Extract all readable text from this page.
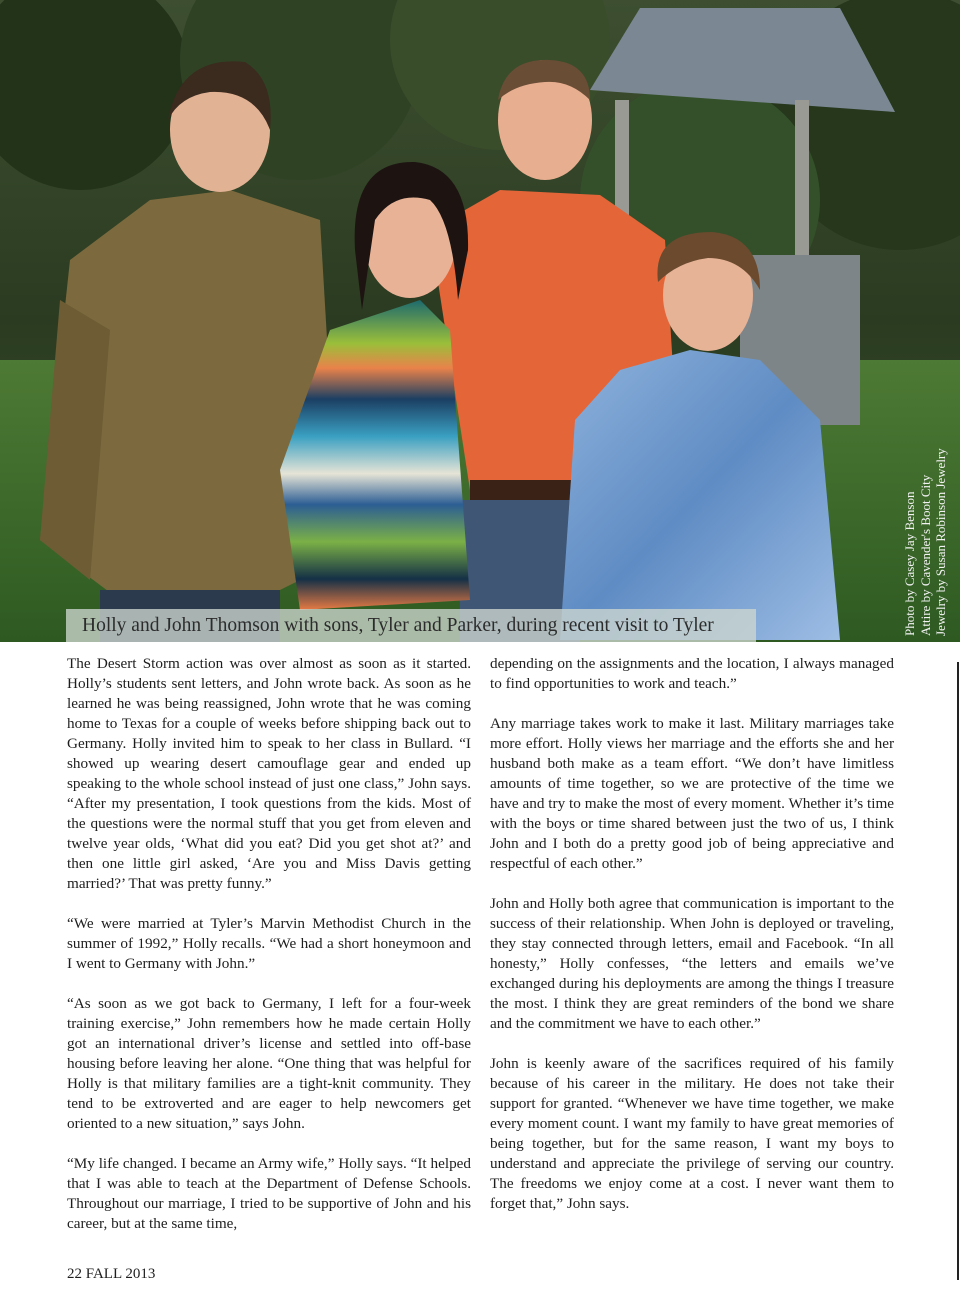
Holly and John Thomson with sons, Tyler and Parker, during recent visit to Tyler	Photo by Casey Jay Benson Attire by Cavender's Boot City Jewelry by Susan Robinson Jewelry

The Desert Storm action was over almost as soon as it started. Holly’s students sent letters, and John wrote back. As soon as he learned he was being reassigned, John wrote that he was coming home to Texas for a couple of weeks before shipping back out to Germany. Holly invited him to speak to her class in Bullard. “I showed up wearing desert camouflage gear and ended up speaking to the whole school instead of just one class,” John says. “After my presentation, I took questions from the kids. Most of the questions were the normal stuff that you get from eleven and twelve year olds, ‘What did you eat? Did you get shot at?’ and then one little girl asked, ‘Are you and Miss Davis getting married?’ That was pretty funny.”

“We were married at Tyler’s Marvin Methodist Church in the summer of 1992,” Holly recalls. “We had a short honeymoon and I went to Germany with John.”

“As soon as we got back to Germany, I left for a four-week training exercise,” John remembers how he made certain Holly got an international driver’s license and settled into off-base housing before leaving her alone. “One thing that was helpful for Holly is that military families are a tight-knit community. They tend to be extroverted and are eager to help newcomers get oriented to a new situation,” says John.

“My life changed. I became an Army wife,” Holly says. “It helped that I was able to teach at the Department of Defense Schools. Throughout our marriage, I tried to be supportive of John and his career, but at the same time,

depending on the assignments and the location, I always managed to find opportunities to work and teach.”

Any marriage takes work to make it last. Military marriages take more effort. Holly views her marriage and the efforts she and her husband both make as a team effort. “We don’t have limitless amounts of time together, so we are protective of the time we have and try to make the most of every moment. Whether it’s time with the boys or time shared between just the two of us, I think John and I both do a pretty good job of being appreciative and respectful of each other.”

John and Holly both agree that communication is important to the success of their relationship. When John is deployed or traveling, they stay connected through letters, email and Facebook. “In all honesty,” Holly confesses, “the letters and emails we’ve exchanged during his deployments are among the things I treasure the most. I think they are great reminders of the bond we share and the commitment we have to each other.”

John is keenly aware of the sacrifices required of his family because of his career in the military. He does not take their support for granted. “Whenever we have time together, we make every moment count. I want my family to have great memories of being together, but for the same reason, I want my boys to understand and appreciate the privilege of serving our country. The freedoms we enjoy come at a cost. I never want them to forget that,” John says.

22 FALL 2013
